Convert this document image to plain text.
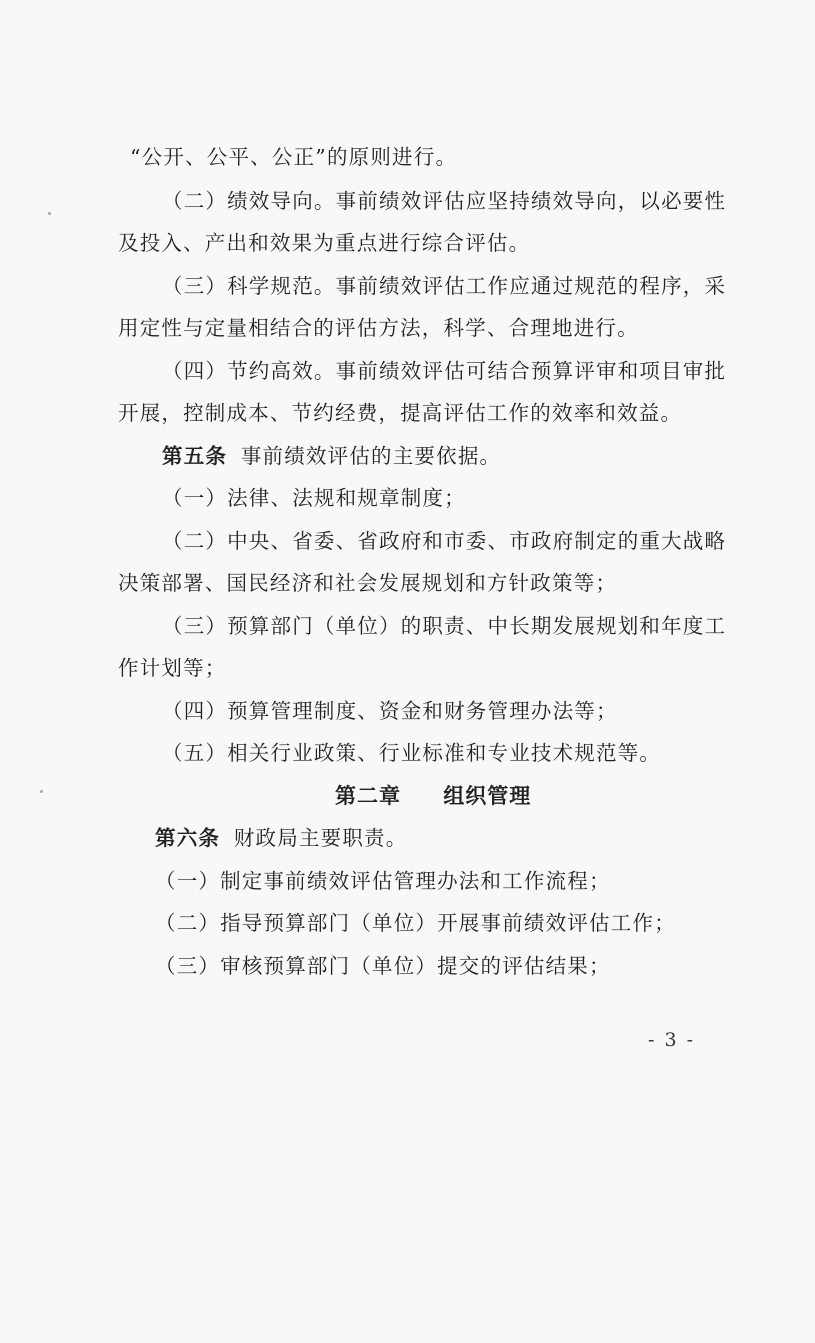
“公开、公平、公正”的原则进行。
（二）绩效导向。事前绩效评估应坚持绩效导向，以必要性
及投入、产出和效果为重点进行综合评估。
（三）科学规范。事前绩效评估工作应通过规范的程序，采
用定性与定量相结合的评估方法，科学、合理地进行。
（四）节约高效。事前绩效评估可结合预算评审和项目审批
开展，控制成本、节约经费，提高评估工作的效率和效益。
第五条 事前绩效评估的主要依据。
（一）法律、法规和规章制度；
（二）中央、省委、省政府和市委、市政府制定的重大战略
决策部署、国民经济和社会发展规划和方针政策等；
（三）预算部门（单位）的职责、中长期发展规划和年度工
作计划等；
（四）预算管理制度、资金和财务管理办法等；
（五）相关行业政策、行业标准和专业技术规范等。
第二章 组织管理
第六条 财政局主要职责。
（一）制定事前绩效评估管理办法和工作流程；
（二）指导预算部门（单位）开展事前绩效评估工作；
（三）审核预算部门（单位）提交的评估结果；
- 3 -
